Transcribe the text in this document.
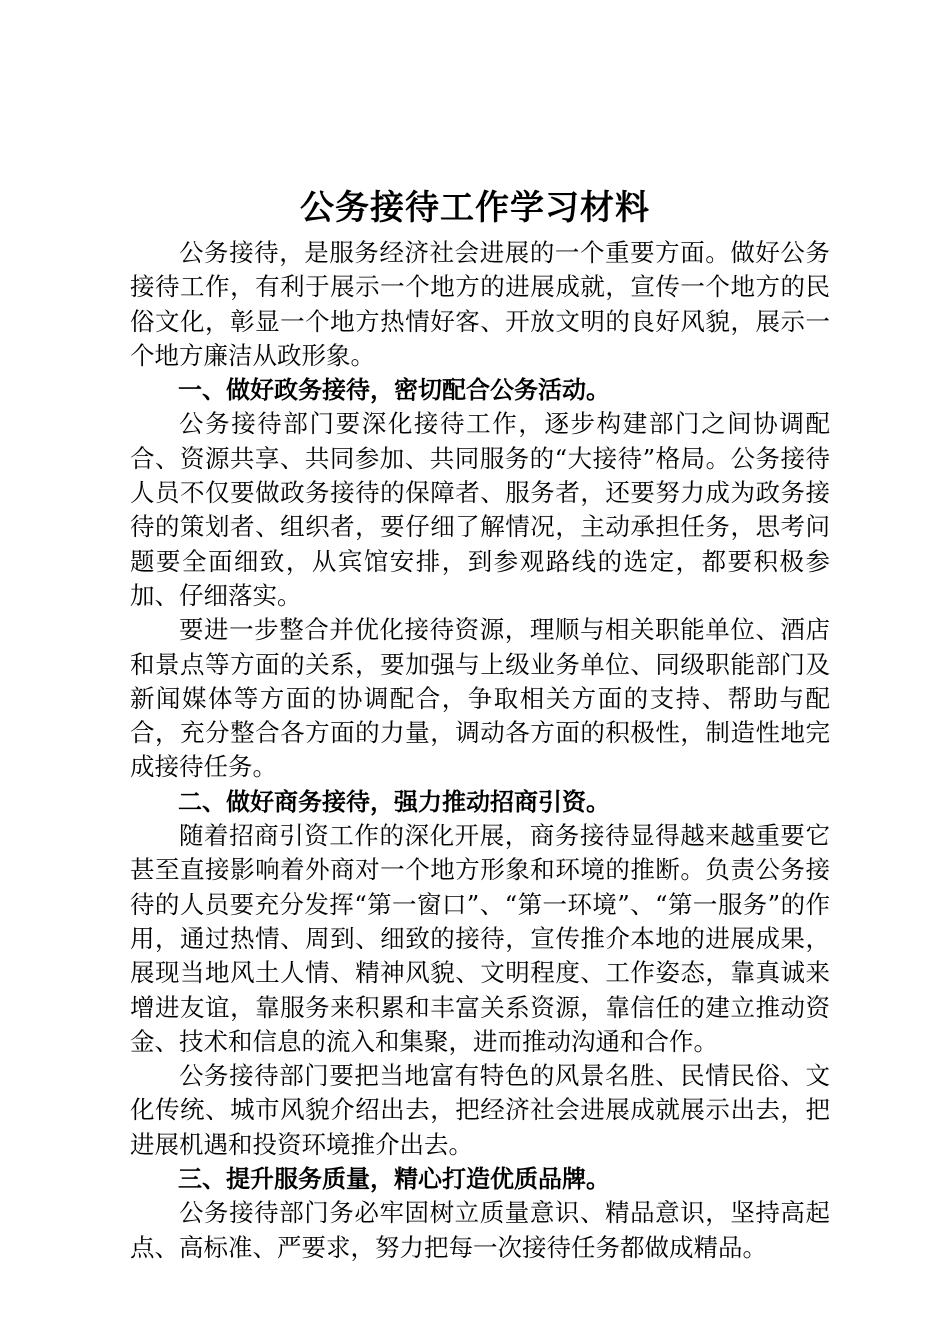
公务接待工作学习材料

公务接待，是服务经济社会进展的一个重要方面。做好公务接待工作，有利于展示一个地方的进展成就，宣传一个地方的民俗文化，彰显一个地方热情好客、开放文明的良好风貌，展示一个地方廉洁从政形象。

一、做好政务接待，密切配合公务活动。

公务接待部门要深化接待工作，逐步构建部门之间协调配合、资源共享、共同参加、共同服务的“大接待”格局。公务接待人员不仅要做政务接待的保障者、服务者，还要努力成为政务接待的策划者、组织者，要仔细了解情况，主动承担任务，思考问题要全面细致，从宾馆安排，到参观路线的选定，都要积极参加、仔细落实。

要进一步整合并优化接待资源，理顺与相关职能单位、酒店和景点等方面的关系，要加强与上级业务单位、同级职能部门及新闻媒体等方面的协调配合，争取相关方面的支持、帮助与配合，充分整合各方面的力量，调动各方面的积极性，制造性地完成接待任务。

二、做好商务接待，强力推动招商引资。

随着招商引资工作的深化开展，商务接待显得越来越重要它甚至直接影响着外商对一个地方形象和环境的推断。负责公务接待的人员要充分发挥“第一窗口”、“第一环境”、“第一服务”的作用，通过热情、周到、细致的接待，宣传推介本地的进展成果，展现当地风土人情、精神风貌、文明程度、工作姿态，靠真诚来增进友谊，靠服务来积累和丰富关系资源，靠信任的建立推动资金、技术和信息的流入和集聚，进而推动沟通和合作。

公务接待部门要把当地富有特色的风景名胜、民情民俗、文化传统、城市风貌介绍出去，把经济社会进展成就展示出去，把进展机遇和投资环境推介出去。

三、提升服务质量，精心打造优质品牌。

公务接待部门务必牢固树立质量意识、精品意识，坚持高起点、高标准、严要求，努力把每一次接待任务都做成精品。
